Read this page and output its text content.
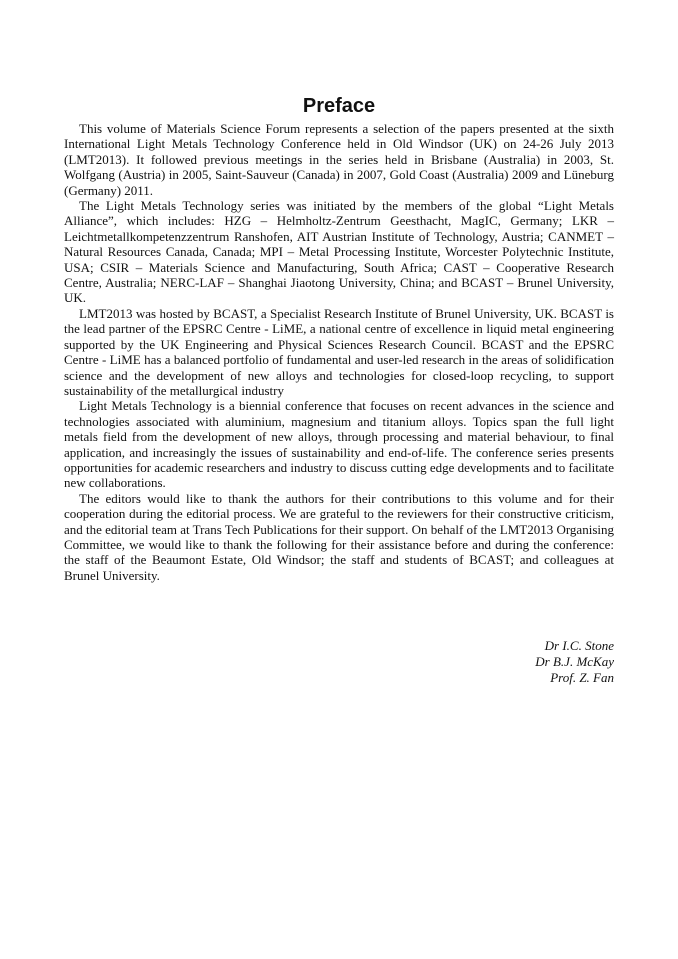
Preface

This volume of Materials Science Forum represents a selection of the papers presented at the sixth International Light Metals Technology Conference held in Old Windsor (UK) on 24-26 July 2013 (LMT2013). It followed previous meetings in the series held in Brisbane (Australia) in 2003, St. Wolfgang (Austria) in 2005, Saint-Sauveur (Canada) in 2007, Gold Coast (Australia) 2009 and Lüneburg (Germany) 2011.

The Light Metals Technology series was initiated by the members of the global “Light Metals Alliance”, which includes: HZG – Helmholtz-Zentrum Geesthacht, MagIC, Germany; LKR – Leichtmetallkompetenzzentrum Ranshofen, AIT Austrian Institute of Technology, Austria; CANMET – Natural Resources Canada, Canada; MPI – Metal Processing Institute, Worcester Polytechnic Institute, USA; CSIR – Materials Science and Manufacturing, South Africa; CAST – Cooperative Research Centre, Australia; NERC-LAF – Shanghai Jiaotong University, China; and BCAST – Brunel University, UK.

LMT2013 was hosted by BCAST, a Specialist Research Institute of Brunel University, UK. BCAST is the lead partner of the EPSRC Centre - LiME, a national centre of excellence in liquid metal engineering supported by the UK Engineering and Physical Sciences Research Council. BCAST and the EPSRC Centre - LiME has a balanced portfolio of fundamental and user-led research in the areas of solidification science and the development of new alloys and technologies for closed-loop recycling, to support sustainability of the metallurgical industry

Light Metals Technology is a biennial conference that focuses on recent advances in the science and technologies associated with aluminium, magnesium and titanium alloys. Topics span the full light metals field from the development of new alloys, through processing and material behaviour, to final application, and increasingly the issues of sustainability and end-of-life. The conference series presents opportunities for academic researchers and industry to discuss cutting edge developments and to facilitate new collaborations.

The editors would like to thank the authors for their contributions to this volume and for their cooperation during the editorial process. We are grateful to the reviewers for their constructive criticism, and the editorial team at Trans Tech Publications for their support. On behalf of the LMT2013 Organising Committee, we would like to thank the following for their assistance before and during the conference: the staff of the Beaumont Estate, Old Windsor; the staff and students of BCAST; and colleagues at Brunel University.

Dr I.C. Stone
Dr B.J. McKay
Prof. Z. Fan
